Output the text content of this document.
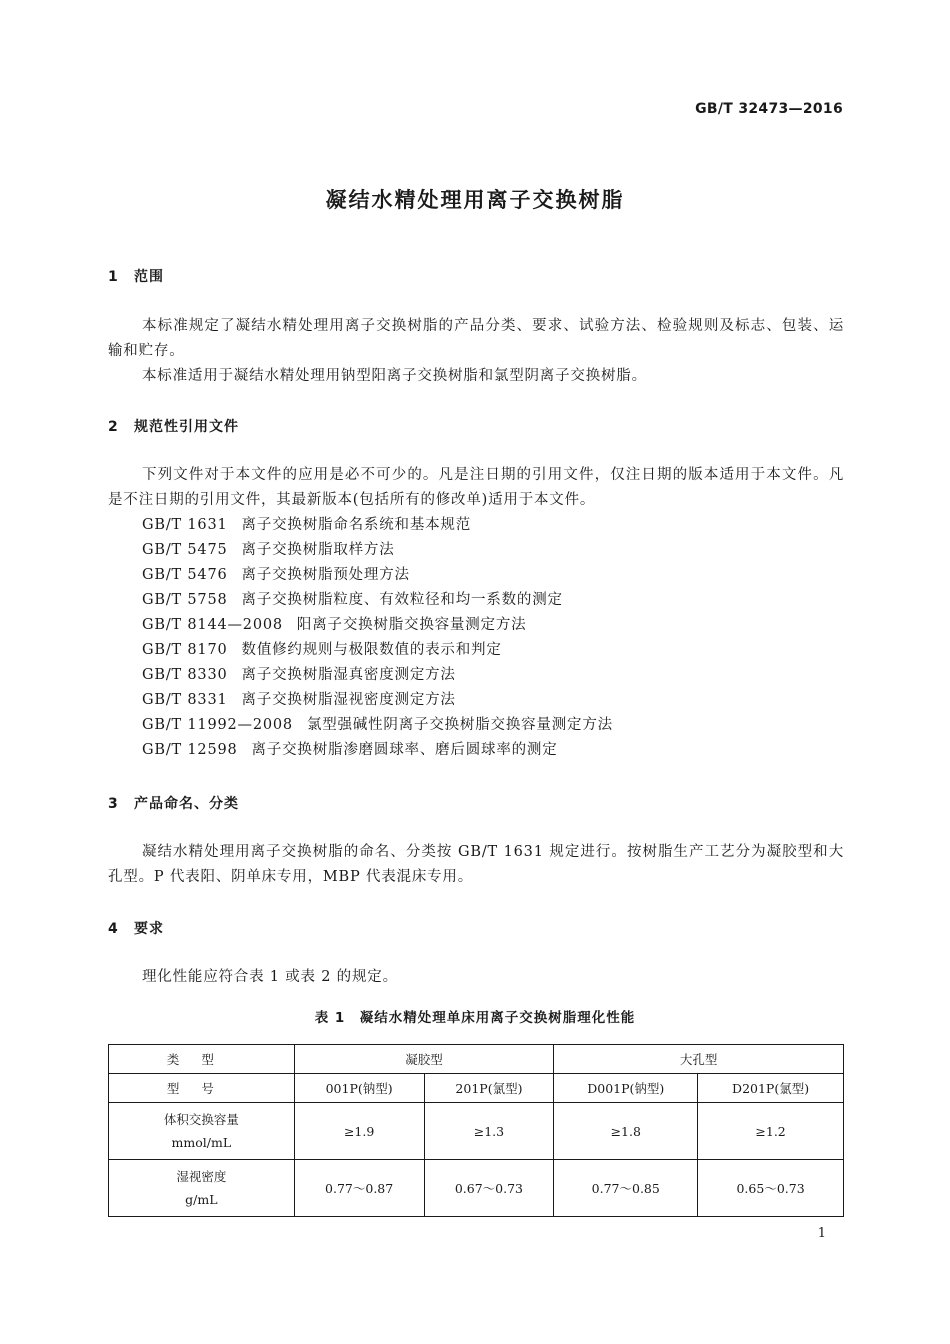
GB/T 32473—2016
凝结水精处理用离子交换树脂
1 范围
本标准规定了凝结水精处理用离子交换树脂的产品分类、要求、试验方法、检验规则及标志、包装、运输和贮存。
本标准适用于凝结水精处理用钠型阳离子交换树脂和氯型阴离子交换树脂。
2 规范性引用文件
下列文件对于本文件的应用是必不可少的。凡是注日期的引用文件，仅注日期的版本适用于本文件。凡是不注日期的引用文件，其最新版本(包括所有的修改单)适用于本文件。
GB/T 1631 离子交换树脂命名系统和基本规范
GB/T 5475 离子交换树脂取样方法
GB/T 5476 离子交换树脂预处理方法
GB/T 5758 离子交换树脂粒度、有效粒径和均一系数的测定
GB/T 8144—2008 阳离子交换树脂交换容量测定方法
GB/T 8170 数值修约规则与极限数值的表示和判定
GB/T 8330 离子交换树脂湿真密度测定方法
GB/T 8331 离子交换树脂湿视密度测定方法
GB/T 11992—2008 氯型强碱性阴离子交换树脂交换容量测定方法
GB/T 12598 离子交换树脂渗磨圆球率、磨后圆球率的测定
3 产品命名、分类
凝结水精处理用离子交换树脂的命名、分类按 GB/T 1631 规定进行。按树脂生产工艺分为凝胶型和大孔型。P 代表阳、阴单床专用，MBP 代表混床专用。
4 要求
理化性能应符合表 1 或表 2 的规定。
表 1　凝结水精处理单床用离子交换树脂理化性能
类型	凝胶型		大孔型	
型号	001P(钠型)	201P(氯型)	D001P(钠型)	D201P(氯型)

体积交换容量
mmol/mL	≥1.9	≥1.3	≥1.8	≥1.2

湿视密度
g/mL	0.77～0.87	0.67～0.73	0.77～0.85	0.65～0.73
1
